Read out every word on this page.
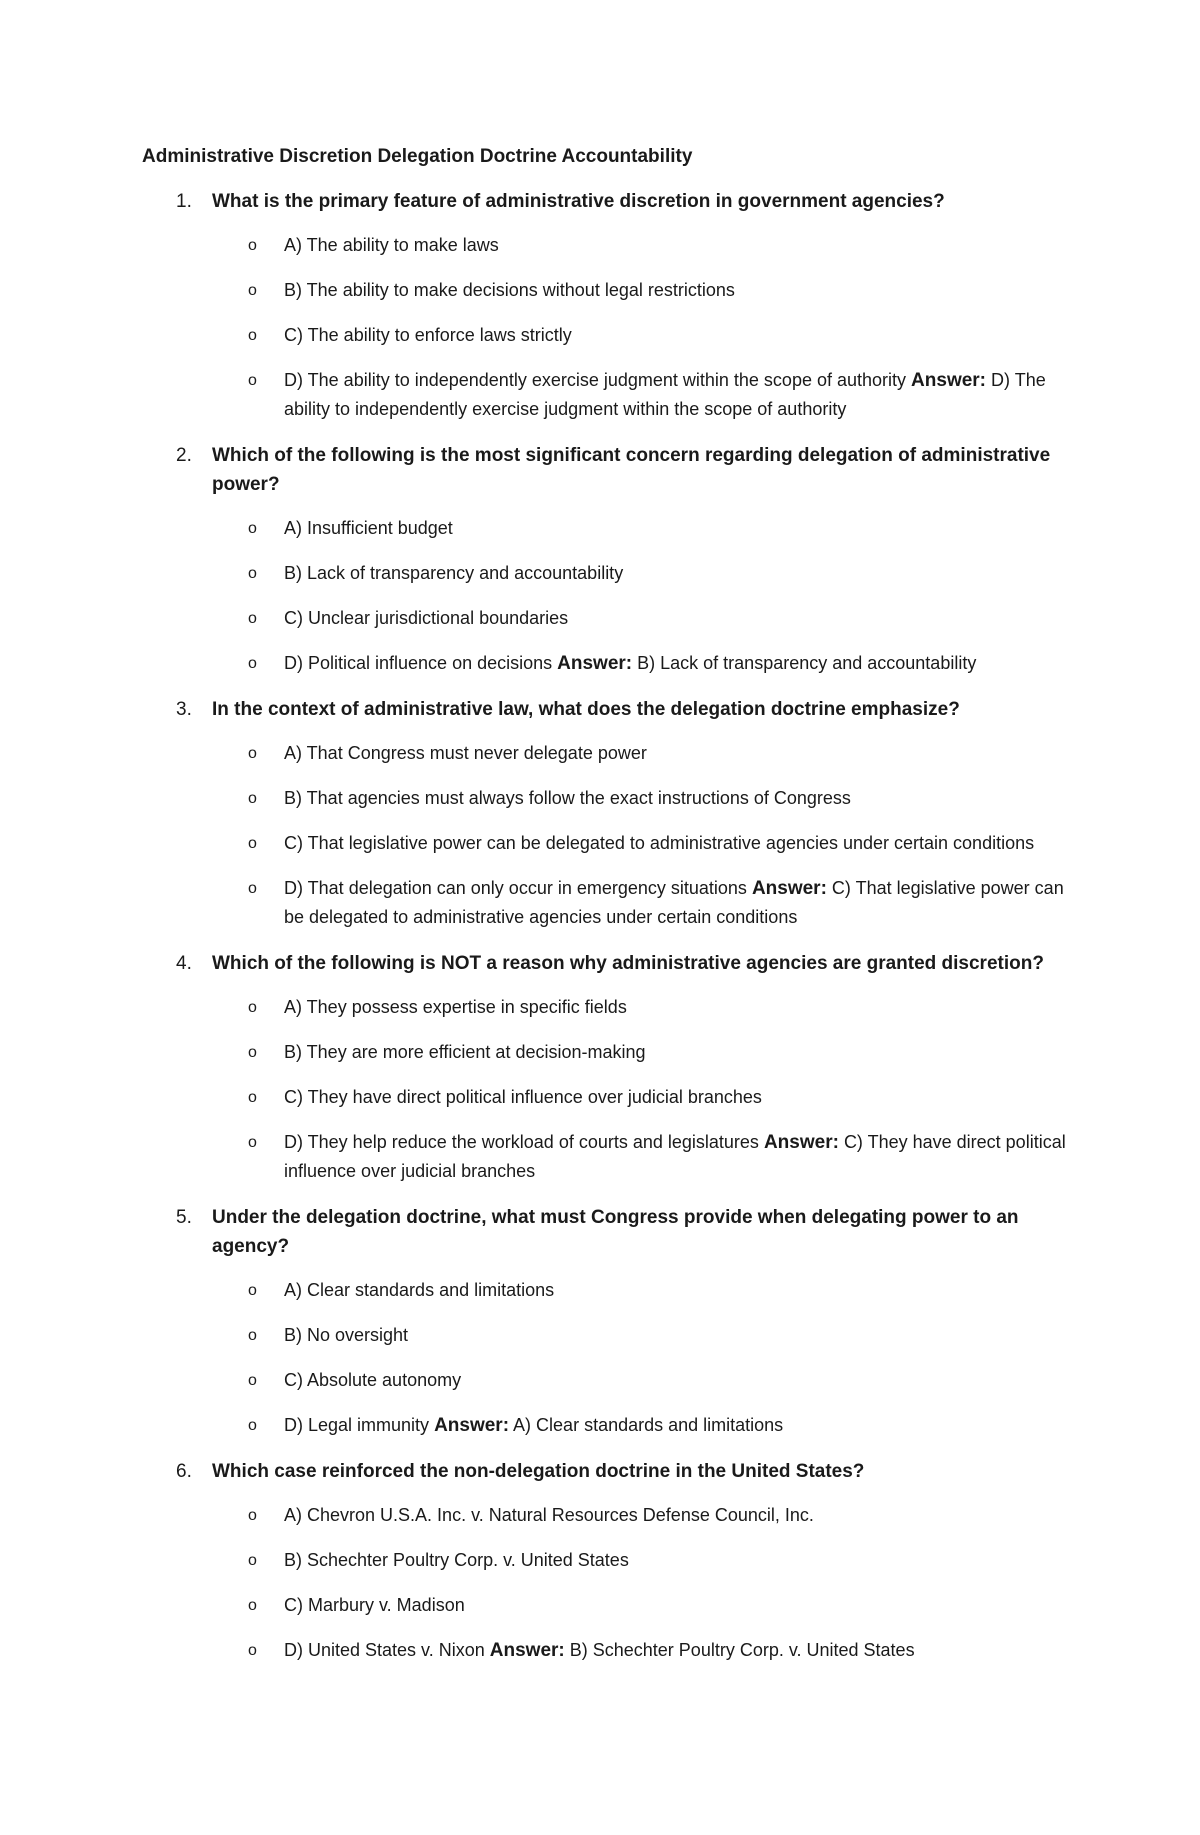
Administrative Discretion Delegation Doctrine Accountability
1. What is the primary feature of administrative discretion in government agencies?

o A) The ability to make laws
o B) The ability to make decisions without legal restrictions
o C) The ability to enforce laws strictly
o D) The ability to independently exercise judgment within the scope of authority Answer: D) The ability to independently exercise judgment within the scope of authority
2. Which of the following is the most significant concern regarding delegation of administrative power?

o A) Insufficient budget
o B) Lack of transparency and accountability
o C) Unclear jurisdictional boundaries
o D) Political influence on decisions Answer: B) Lack of transparency and accountability
3. In the context of administrative law, what does the delegation doctrine emphasize?

o A) That Congress must never delegate power
o B) That agencies must always follow the exact instructions of Congress
o C) That legislative power can be delegated to administrative agencies under certain conditions
o D) That delegation can only occur in emergency situations Answer: C) That legislative power can be delegated to administrative agencies under certain conditions
4. Which of the following is NOT a reason why administrative agencies are granted discretion?

o A) They possess expertise in specific fields
o B) They are more efficient at decision-making
o C) They have direct political influence over judicial branches
o D) They help reduce the workload of courts and legislatures Answer: C) They have direct political influence over judicial branches
5. Under the delegation doctrine, what must Congress provide when delegating power to an agency?

o A) Clear standards and limitations
o B) No oversight
o C) Absolute autonomy
o D) Legal immunity Answer: A) Clear standards and limitations
6. Which case reinforced the non-delegation doctrine in the United States?

o A) Chevron U.S.A. Inc. v. Natural Resources Defense Council, Inc.
o B) Schechter Poultry Corp. v. United States
o C) Marbury v. Madison
o D) United States v. Nixon Answer: B) Schechter Poultry Corp. v. United States
